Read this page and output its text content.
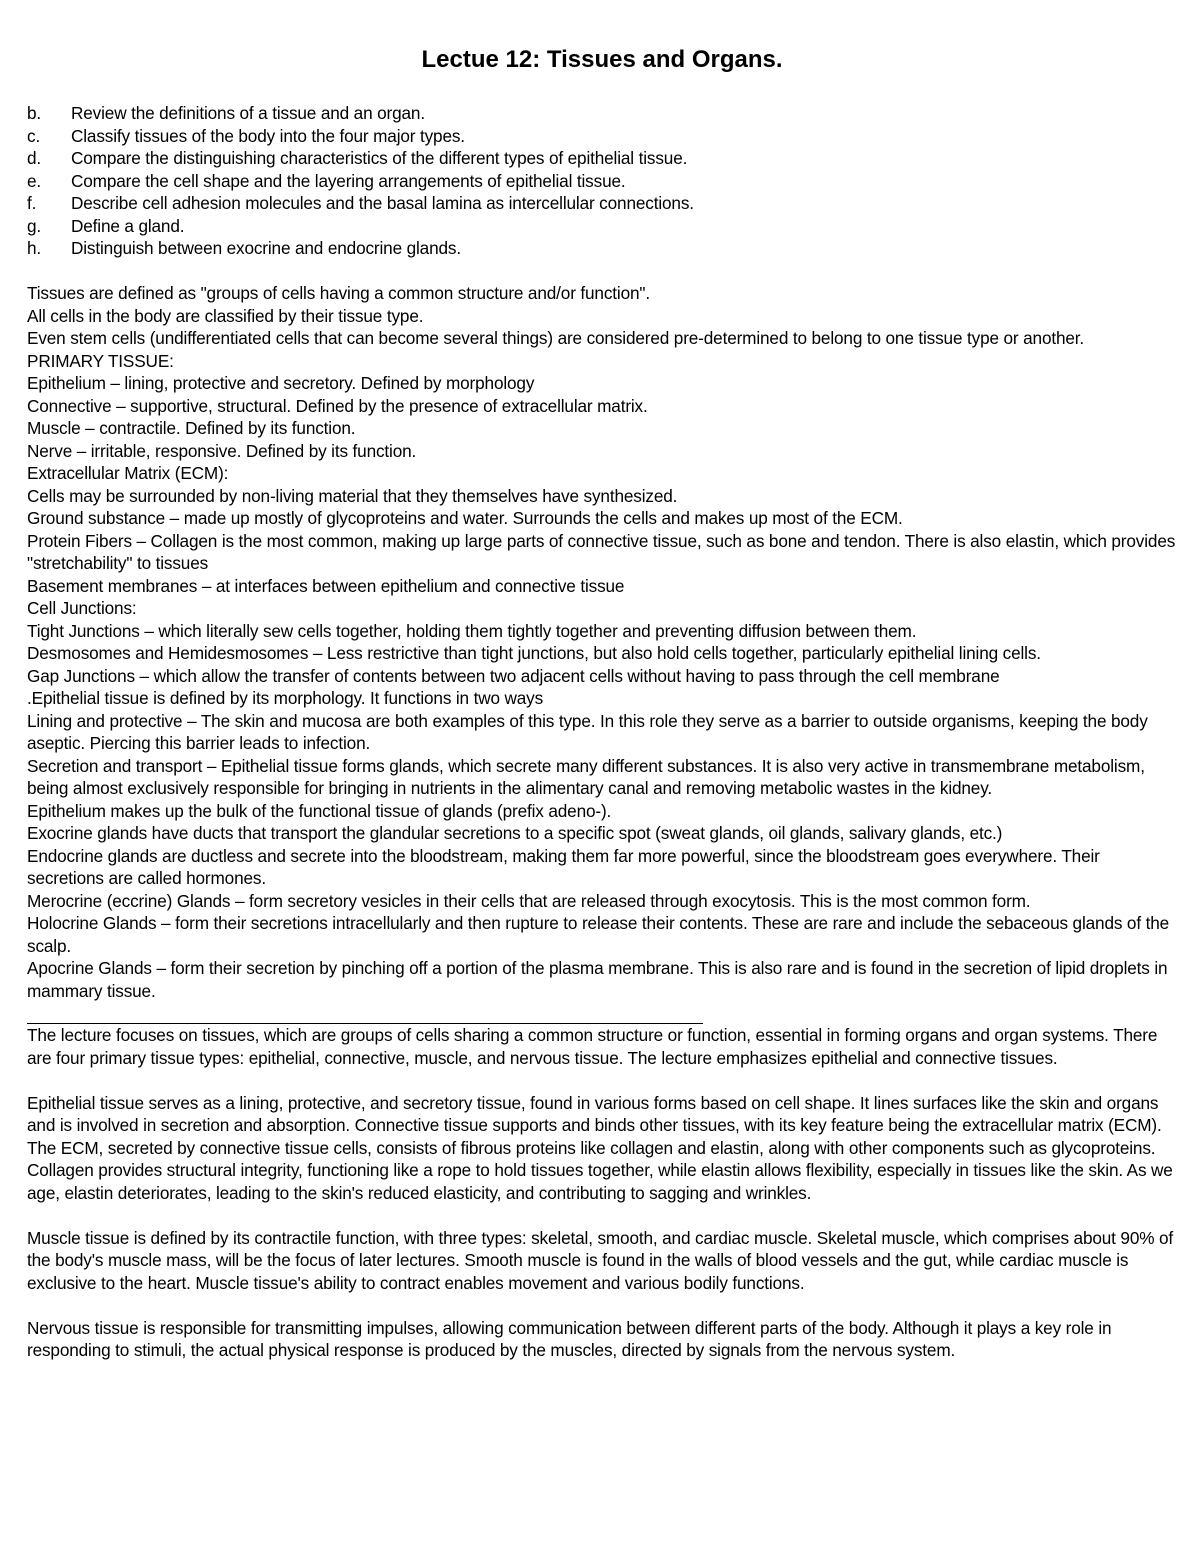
Lectue 12: Tissues and Organs.
b.	Review the definitions of a tissue and an organ.
c.	Classify tissues of the body into the four major types.
d.	Compare the distinguishing characteristics of the different types of epithelial tissue.
e.	Compare the cell shape and the layering arrangements of epithelial tissue.
f.	Describe cell adhesion molecules and the basal lamina as intercellular connections.
g.	Define a gland.
h.	Distinguish between exocrine and endocrine glands.

Tissues are defined as "groups of cells having a common structure and/or function".

All cells in the body are classified by their tissue type.

Even stem cells (undifferentiated cells that can become several things) are considered pre-determined to belong to one tissue type or another.

PRIMARY TISSUE:

Epithelium – lining, protective and secretory. Defined by morphology

Connective – supportive, structural. Defined by the presence of extracellular matrix.

Muscle – contractile. Defined by its function.

Nerve – irritable, responsive. Defined by its function.

Extracellular Matrix (ECM):

Cells may be surrounded by non-living material that they themselves have synthesized.

Ground substance – made up mostly of glycoproteins and water. Surrounds the cells and makes up most of the ECM.

Protein Fibers – Collagen is the most common, making up large parts of connective tissue, such as bone and tendon. There is also elastin, which provides "stretchability" to tissues

Basement membranes – at interfaces between epithelium and connective tissue

Cell Junctions:

Tight Junctions – which literally sew cells together, holding them tightly together and preventing diffusion between them.

Desmosomes and Hemidesmosomes – Less restrictive than tight junctions, but also hold cells together, particularly epithelial lining cells.

Gap Junctions – which allow the transfer of contents between two adjacent cells without having to pass through the cell membrane

.Epithelial tissue is defined by its morphology. It functions in two ways

Lining and protective – The skin and mucosa are both examples of this type. In this role they serve as a barrier to outside organisms, keeping the body aseptic. Piercing this barrier leads to infection.

Secretion and transport – Epithelial tissue forms glands, which secrete many different substances. It is also very active in transmembrane metabolism, being almost exclusively responsible for bringing in nutrients in the alimentary canal and removing metabolic wastes in the kidney.

Epithelium makes up the bulk of the functional tissue of glands (prefix adeno-).

Exocrine glands have ducts that transport the glandular secretions to a specific spot (sweat glands, oil glands, salivary glands, etc.)

Endocrine glands are ductless and secrete into the bloodstream, making them far more powerful, since the bloodstream goes everywhere. Their secretions are called hormones.

Merocrine (eccrine) Glands – form secretory vesicles in their cells that are released through exocytosis. This is the most common form.

Holocrine Glands – form their secretions intracellularly and then rupture to release their contents. These are rare and include the sebaceous glands of the scalp.

Apocrine Glands – form their secretion by pinching off a portion of the plasma membrane. This is also rare and is found in the secretion of lipid droplets in mammary tissue.

The lecture focuses on tissues, which are groups of cells sharing a common structure or function, essential in forming organs and organ systems. There are four primary tissue types: epithelial, connective, muscle, and nervous tissue. The lecture emphasizes epithelial and connective tissues.

Epithelial tissue serves as a lining, protective, and secretory tissue, found in various forms based on cell shape. It lines surfaces like the skin and organs and is involved in secretion and absorption. Connective tissue supports and binds other tissues, with its key feature being the extracellular matrix (ECM). The ECM, secreted by connective tissue cells, consists of fibrous proteins like collagen and elastin, along with other components such as glycoproteins. Collagen provides structural integrity, functioning like a rope to hold tissues together, while elastin allows flexibility, especially in tissues like the skin. As we age, elastin deteriorates, leading to the skin's reduced elasticity, and contributing to sagging and wrinkles.

Muscle tissue is defined by its contractile function, with three types: skeletal, smooth, and cardiac muscle. Skeletal muscle, which comprises about 90% of the body's muscle mass, will be the focus of later lectures. Smooth muscle is found in the walls of blood vessels and the gut, while cardiac muscle is exclusive to the heart. Muscle tissue's ability to contract enables movement and various bodily functions.

Nervous tissue is responsible for transmitting impulses, allowing communication between different parts of the body. Although it plays a key role in responding to stimuli, the actual physical response is produced by the muscles, directed by signals from the nervous system.
